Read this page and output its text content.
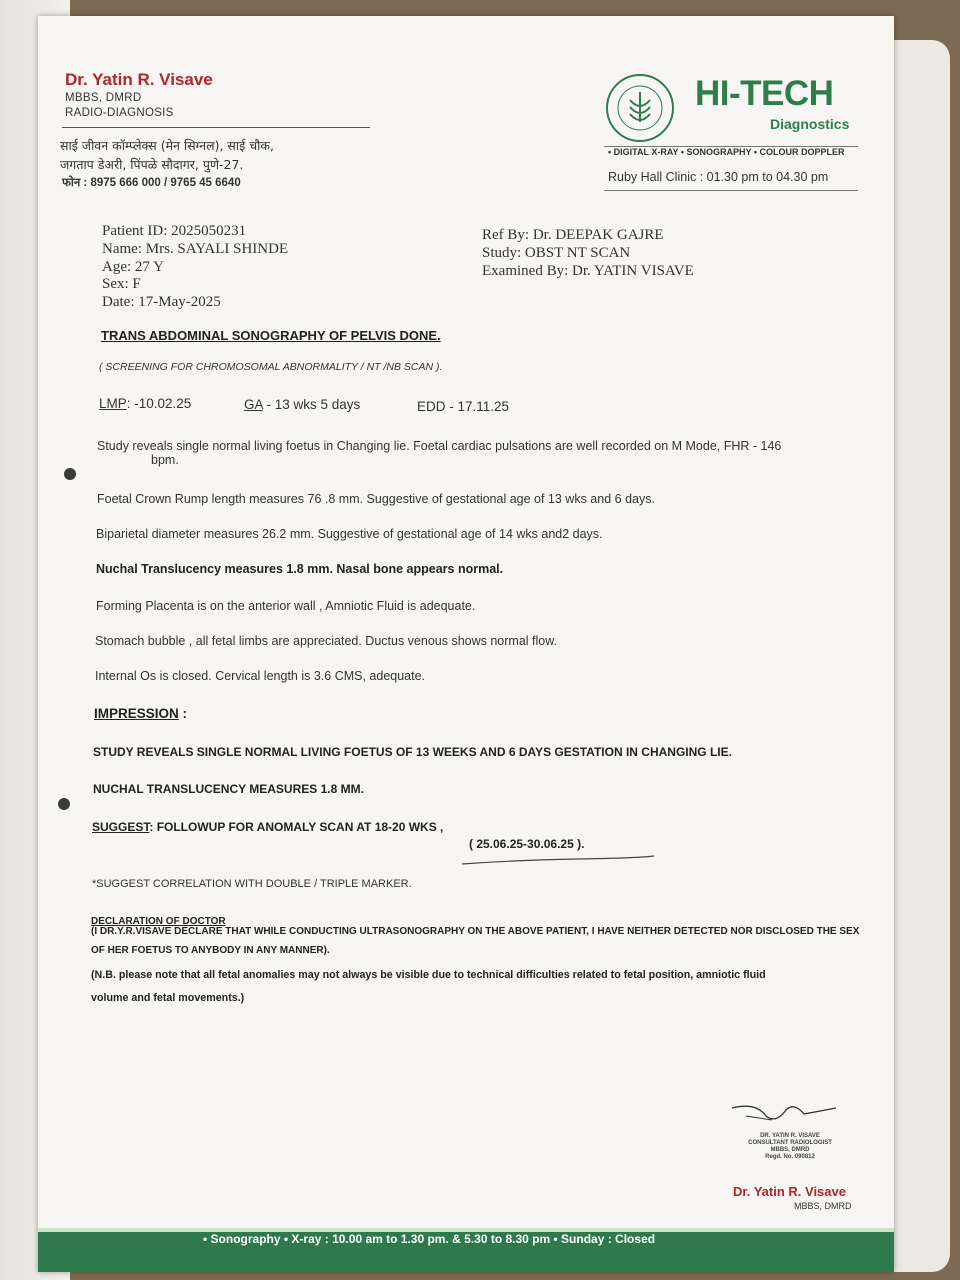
Dr. Yatin R. Visave
MBBS, DMRD
RADIO-DIAGNOSIS
साई जीवन कॉम्प्लेक्स (मेन सिग्नल), साई चौक,
जगताप डेअरी, पिंपळे सौदागर, पुणे-27.
फोन : 8975 666 000 / 9765 45 6640
HI-TECH
Diagnostics
• DIGITAL X-RAY • SONOGRAPHY • COLOUR DOPPLER
Ruby Hall Clinic : 01.30 pm to 04.30 pm
Patient ID: 2025050231
Name: Mrs. SAYALI SHINDE
Age: 27 Y
Sex: F
Date: 17-May-2025
Ref By: Dr. DEEPAK GAJRE
Study: OBST NT SCAN
Examined By: Dr. YATIN VISAVE
TRANS ABDOMINAL SONOGRAPHY OF PELVIS DONE.
( SCREENING FOR CHROMOSOMAL ABNORMALITY / NT /NB SCAN ).
LMP: -10.02.25	GA - 13 wks 5 days	EDD - 17.11.25
Study reveals single normal living foetus in Changing lie. Foetal cardiac pulsations are well recorded on M Mode, FHR - 146
bpm.
Foetal Crown Rump length measures 76 .8 mm. Suggestive of gestational age of 13 wks and 6 days.
Biparietal diameter measures 26.2 mm. Suggestive of gestational age of 14 wks and2 days.
Nuchal Translucency measures 1.8 mm. Nasal bone appears normal.
Forming Placenta is on the anterior wall , Amniotic Fluid is adequate.
Stomach bubble , all fetal limbs are appreciated. Ductus venous shows normal flow.
Internal Os is closed. Cervical length is 3.6 CMS, adequate.
IMPRESSION :
STUDY REVEALS SINGLE NORMAL LIVING FOETUS OF 13 WEEKS AND 6 DAYS GESTATION IN CHANGING LIE.
NUCHAL TRANSLUCENCY MEASURES 1.8 MM.
SUGGEST: FOLLOWUP FOR ANOMALY SCAN AT 18-20 WKS ,
( 25.06.25-30.06.25 ).
*SUGGEST CORRELATION WITH DOUBLE / TRIPLE MARKER.
DECLARATION OF DOCTOR
(I DR.Y.R.VISAVE DECLARE THAT WHILE CONDUCTING ULTRASONOGRAPHY ON THE ABOVE PATIENT, I HAVE NEITHER DETECTED NOR DISCLOSED THE SEX
OF HER FOETUS TO ANYBODY IN ANY MANNER).
(N.B. please note that all fetal anomalies may not always be visible due to technical difficulties related to fetal position, amniotic fluid
volume and fetal movements.)
DR. YATIN R. VISAVE
CONSULTANT RADIOLOGIST
MBBS, DMRD
Regd. No. 090812
Dr. Yatin R. Visave
MBBS, DMRD
• Sonography • X-ray : 10.00 am to 1.30 pm. & 5.30 to 8.30 pm • Sunday : Closed
